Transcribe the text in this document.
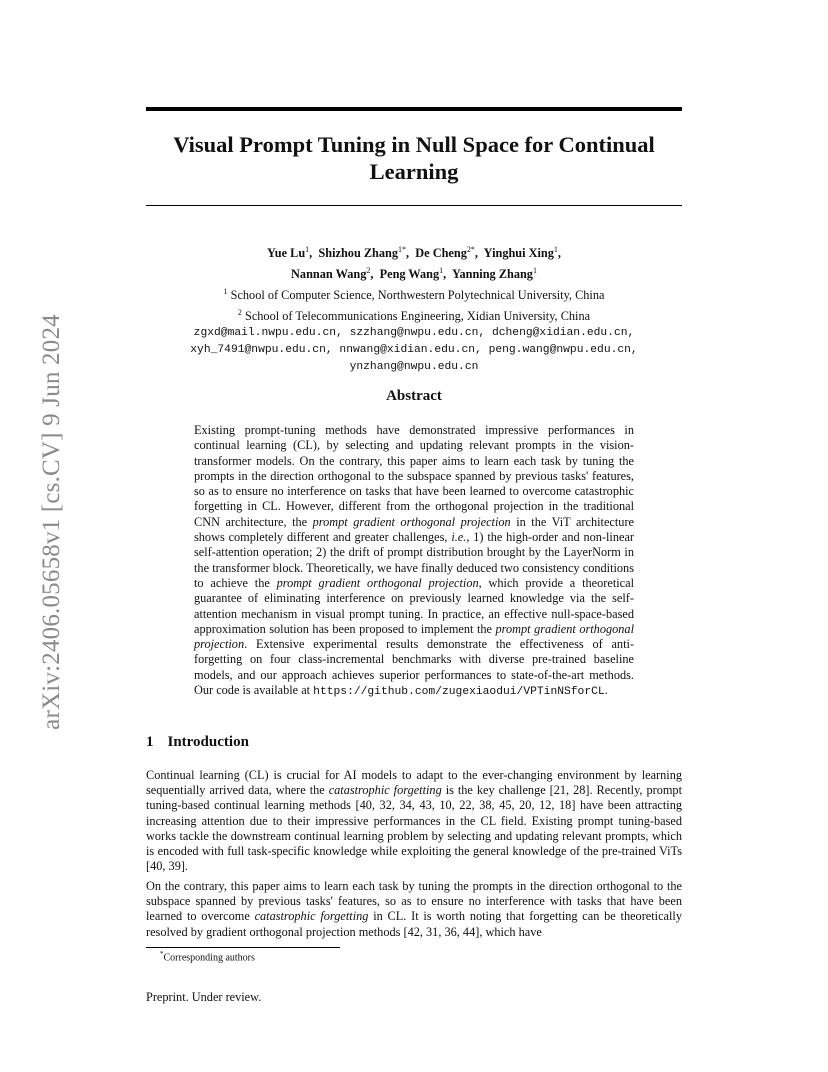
arXiv:2406.05658v1 [cs.CV] 9 Jun 2024
Visual Prompt Tuning in Null Space for Continual Learning
Yue Lu$^1$,  Shizhou Zhang$^{1*}$,  De Cheng$^{2*}$,  Yinghui Xing$^1$,
Nannan Wang$^2$,  Peng Wang$^1$,  Yanning Zhang$^1$
$^1$ School of Computer Science, Northwestern Polytechnical University, China
$^2$ School of Telecommunications Engineering, Xidian University, China
zgxd@mail.nwpu.edu.cn, szzhang@nwpu.edu.cn, dcheng@xidian.edu.cn,
xyh_7491@nwpu.edu.cn, nnwang@xidian.edu.cn, peng.wang@nwpu.edu.cn,
ynzhang@nwpu.edu.cn
Abstract

Existing prompt-tuning methods have demonstrated impressive performances in continual learning (CL), by selecting and updating relevant prompts in the vision-transformer models. On the contrary, this paper aims to learn each task by tuning the prompts in the direction orthogonal to the subspace spanned by previous tasks' features, so as to ensure no interference on tasks that have been learned to overcome catastrophic forgetting in CL. However, different from the orthogonal projection in the traditional CNN architecture, the prompt gradient orthogonal projection in the ViT architecture shows completely different and greater challenges, i.e., 1) the high-order and non-linear self-attention operation; 2) the drift of prompt distribution brought by the LayerNorm in the transformer block. Theoretically, we have finally deduced two consistency conditions to achieve the prompt gradient orthogonal projection, which provide a theoretical guarantee of eliminating interference on previously learned knowledge via the self-attention mechanism in visual prompt tuning. In practice, an effective null-space-based approximation solution has been proposed to implement the prompt gradient orthogonal projection. Extensive experimental results demonstrate the effectiveness of anti-forgetting on four class-incremental benchmarks with diverse pre-trained baseline models, and our approach achieves superior performances to state-of-the-art methods. Our code is available at https://github.com/zugexiaodui/VPTinNSforCL.

1 Introduction

Continual learning (CL) is crucial for AI models to adapt to the ever-changing environment by learning sequentially arrived data, where the catastrophic forgetting is the key challenge [21, 28]. Recently, prompt tuning-based continual learning methods [40, 32, 34, 43, 10, 22, 38, 45, 20, 12, 18] have been attracting increasing attention due to their impressive performances in the CL field. Existing prompt tuning-based works tackle the downstream continual learning problem by selecting and updating relevant prompts, which is encoded with full task-specific knowledge while exploiting the general knowledge of the pre-trained ViTs [40, 39].

On the contrary, this paper aims to learn each task by tuning the prompts in the direction orthogonal to the subspace spanned by previous tasks' features, so as to ensure no interference with tasks that have been learned to overcome catastrophic forgetting in CL. It is worth noting that forgetting can be theoretically resolved by gradient orthogonal projection methods [42, 31, 36, 44], which have

*Corresponding authors
Preprint. Under review.
